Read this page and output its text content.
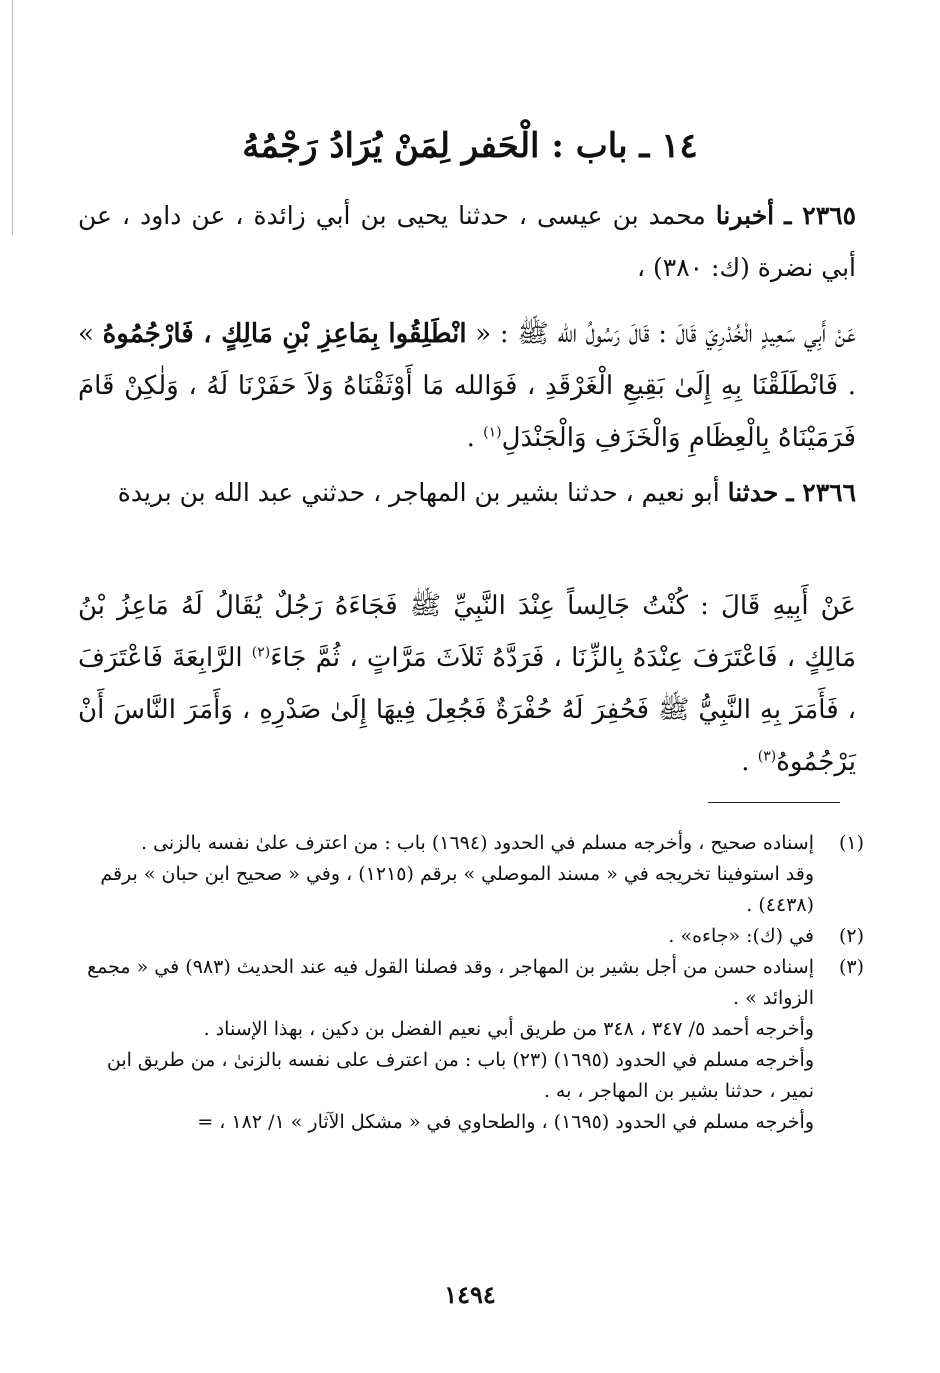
١٤ ـ باب : الْحَفر لِمَنْ يُرَادُ رَجْمُهُ
٢٣٦٥ ـ أخبرنا محمد بن عيسى ، حدثنا يحيى بن أبي زائدة ، عن داود ، عن أبي نضرة (ك: ٣٨٠) ،
عَنْ أَبِي سَعِيدٍ الْخُدْرِيّ قَالَ : قَالَ رَسُولُ الله ﷺ : « انْطَلِقُوا بِمَاعِزِ بْنِ مَالِكٍ ، فَارْجُمُوهُ » . فَانْطَلَقْنَا بِهِ إِلَىٰ بَقِيعِ الْغَرْقَدِ ، فَوَالله مَا أَوْثَقْنَاهُ وَلاَ حَفَرْنَا لَهُ ، وَلٰكِنْ قَامَ فَرَمَيْنَاهُ بِالْعِظَامِ وَالْخَزَفِ وَالْجَنْدَلِ$^{(١)}$ .
٢٣٦٦ ـ حدثنا أبو نعيم ، حدثنا بشير بن المهاجر ، حدثني عبد الله بن بريدة
عَنْ أَبِيهِ قَالَ : كُنْتُ جَالِساً عِنْدَ النَّبِيِّ ﷺ فَجَاءَهُ رَجُلٌ يُقَالُ لَهُ مَاعِزُ بْنُ مَالِكٍ ، فَاعْتَرَفَ عِنْدَهُ بِالزِّنَا ، فَرَدَّهُ ثَلاَثَ مَرَّاتٍ ، ثُمَّ جَاءَ$^{(٢)}$ الرَّابِعَةَ فَاعْتَرَفَ ، فَأَمَرَ بِهِ النَّبِيُّ ﷺ فَحُفِرَ لَهُ حُفْرَةٌ فَجُعِلَ فِيهَا إِلَىٰ صَدْرِهِ ، وَأَمَرَ النَّاسَ أَنْ يَرْجُمُوهُ$^{(٣)}$ .
(١)

إسناده صحيح ، وأخرجه مسلم في الحدود (١٦٩٤) باب : من اعترف علىٰ نفسه بالزنى .

وقد استوفينا تخريجه في « مسند الموصلي » برقم (١٢١٥) ، وفي « صحيح ابن حبان » برقم (٤٤٣٨) .

(٢)

في (ك): «جاءه» .

(٣)

إسناده حسن من أجل بشير بن المهاجر ، وقد فصلنا القول فيه عند الحديث (٩٨٣) في « مجمع الزوائد » .

وأخرجه أحمد ٥/ ٣٤٧ ، ٣٤٨ من طريق أبي نعيم الفضل بن دكين ، بهذا الإسناد .

وأخرجه مسلم في الحدود (١٦٩٥) (٢٣) باب : من اعترف على نفسه بالزنىٰ ، من طريق ابن نمير ، حدثنا بشير بن المهاجر ، به .

وأخرجه مسلم في الحدود (١٦٩٥) ، والطحاوي في « مشكل الآثار » ١/ ١٨٢ ، =

١٤٩٤
